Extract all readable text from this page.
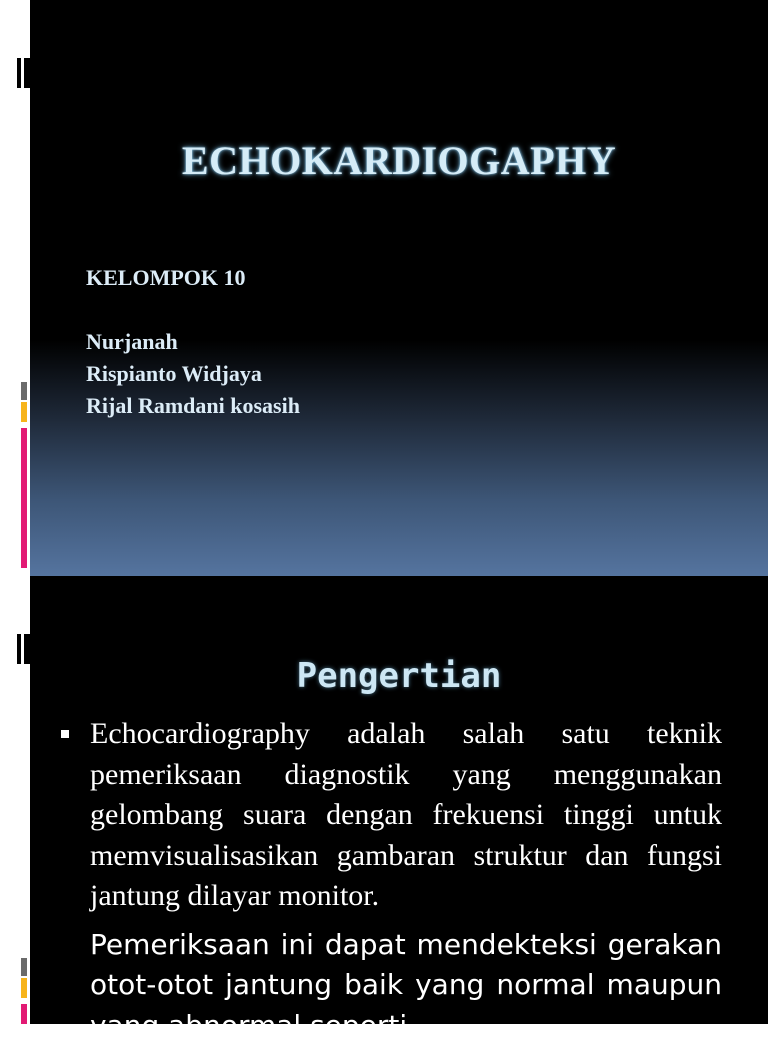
ECHOKARDIOGAPHY
KELOMPOK 10
Nurjanah
Rispianto Widjaya
Rijal Ramdani kosasih
Pengertian

Echocardiography adalah salah satu teknik pemeriksaan diagnostik yang menggunakan gelombang suara dengan frekuensi tinggi untuk memvisualisasikan gambaran struktur dan fungsi jantung dilayar monitor.

Pemeriksaan ini dapat mendekteksi gerakan otot-otot jantung baik yang normal maupun yang abnormal seperti
